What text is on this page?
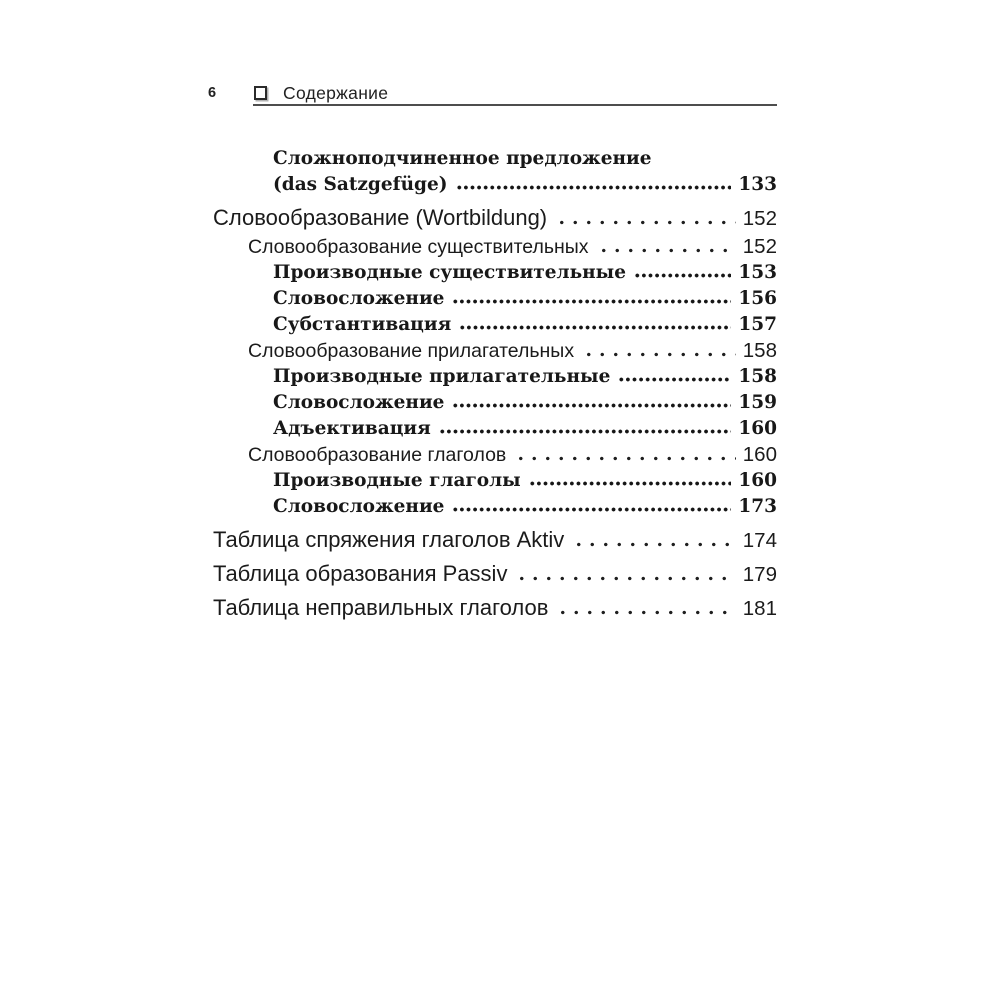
6	Содержание
Сложноподчиненное предложение
(das Satzgefüge)	133
Словообразование (Wortbildung)	152
Словообразование существительных	152
Производные существительные	153
Словосложение	156
Субстантивация	157
Словообразование прилагательных	158
Производные прилагательные	158
Словосложение	159
Адъективация	160
Словообразование глаголов	160
Производные глаголы	160
Словосложение	173
Таблица спряжения глаголов Aktiv	174
Таблица образования Passiv	179
Таблица неправильных глаголов	181
